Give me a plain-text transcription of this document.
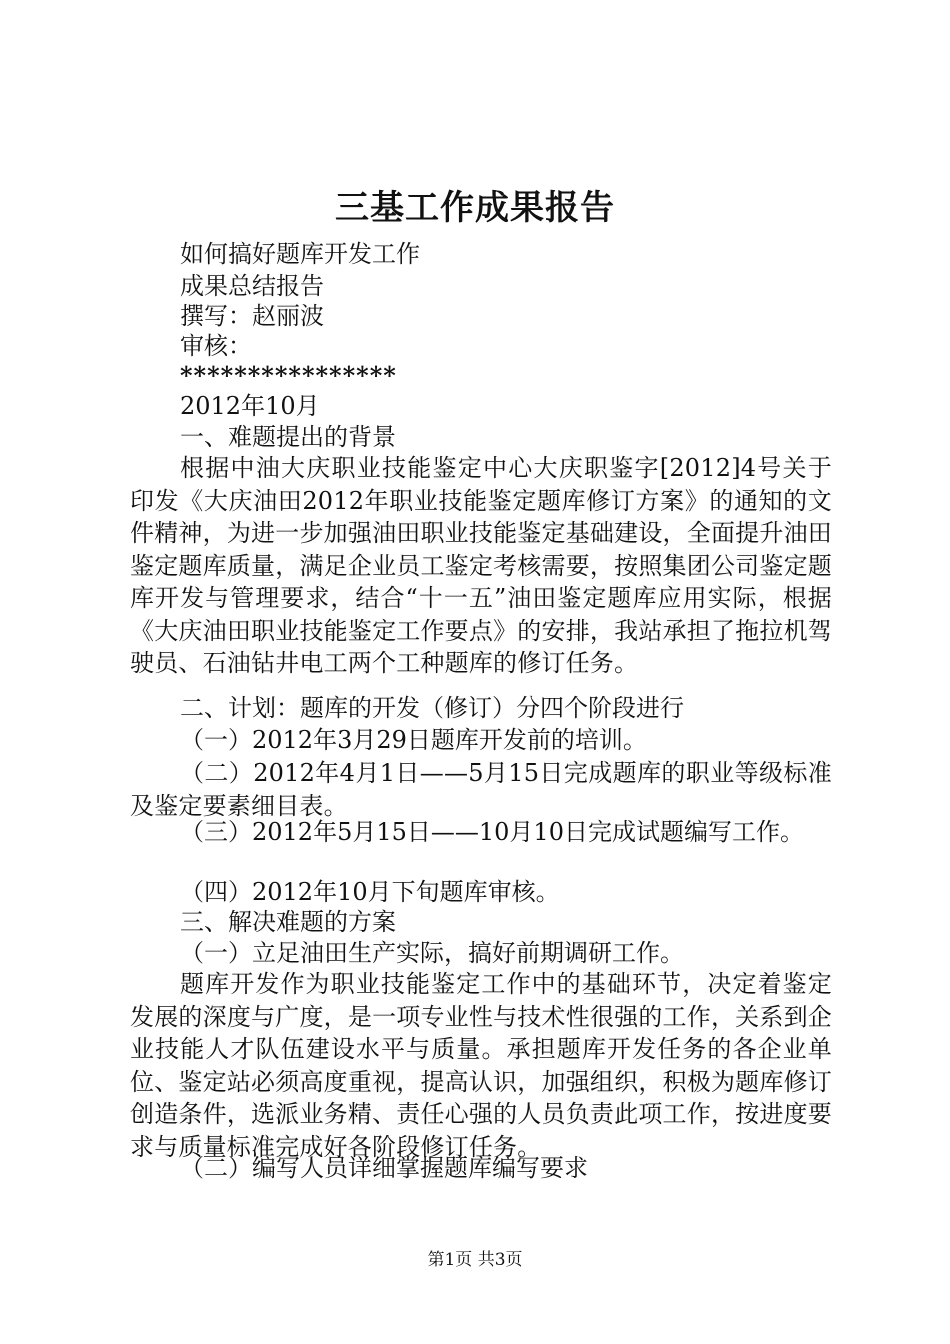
三基工作成果报告
如何搞好题库开发工作
成果总结报告
撰写：赵丽波
审核：
****************
2012年10月
一、难题提出的背景
根据中油大庆职业技能鉴定中心大庆职鉴字[2012]4号关于印发《大庆油田2012年职业技能鉴定题库修订方案》的通知的文件精神，为进一步加强油田职业技能鉴定基础建设，全面提升油田鉴定题库质量，满足企业员工鉴定考核需要，按照集团公司鉴定题库开发与管理要求，结合“十一五”油田鉴定题库应用实际，根据《大庆油田职业技能鉴定工作要点》的安排，我站承担了拖拉机驾驶员、石油钻井电工两个工种题库的修订任务。
二、计划：题库的开发（修订）分四个阶段进行
（一）2012年3月29日题库开发前的培训。
（二）2012年4月1日——5月15日完成题库的职业等级标准及鉴定要素细目表。
（三）2012年5月15日——10月10日完成试题编写工作。
（四）2012年10月下旬题库审核。
三、解决难题的方案
（一）立足油田生产实际，搞好前期调研工作。
题库开发作为职业技能鉴定工作中的基础环节，决定着鉴定发展的深度与广度，是一项专业性与技术性很强的工作，关系到企业技能人才队伍建设水平与质量。承担题库开发任务的各企业单位、鉴定站必须高度重视，提高认识，加强组织，积极为题库修订创造条件，选派业务精、责任心强的人员负责此项工作，按进度要求与质量标准完成好各阶段修订任务。
（二）编写人员详细掌握题库编写要求
第1页 共3页
